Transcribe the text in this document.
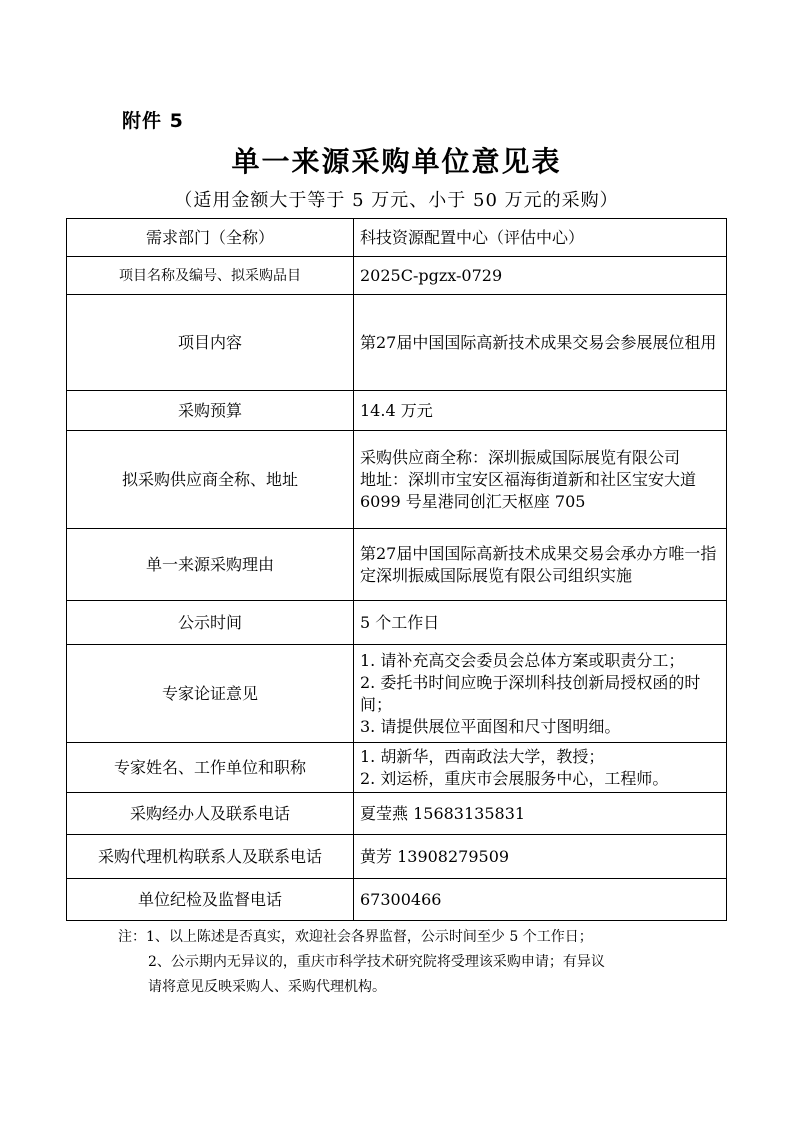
附件 5
单一来源采购单位意见表
（适用金额大于等于 5 万元、小于 50 万元的采购）
需求部门（全称）	科技资源配置中心（评估中心）

项目名称及编号、拟采购品目	2025C-pgzx-0729

项目内容	第27届中国国际高新技术成果交易会参展展位租用

采购预算	14.4 万元

拟采购供应商全称、地址	采购供应商全称：深圳振威国际展览有限公司
地址：深圳市宝安区福海街道新和社区宝安大道 6099 号星港同创汇天枢座 705

单一来源采购理由	第27届中国国际高新技术成果交易会承办方唯一指定深圳振威国际展览有限公司组织实施

公示时间	5 个工作日

专家论证意见	1. 请补充高交会委员会总体方案或职责分工；
2. 委托书时间应晚于深圳科技创新局授权函的时间；
3. 请提供展位平面图和尺寸图明细。

专家姓名、工作单位和职称	1. 胡新华，西南政法大学，教授；
2. 刘运桥，重庆市会展服务中心，工程师。

采购经办人及联系电话	夏莹燕 15683135831

采购代理机构联系人及联系电话	黄芳 13908279509

单位纪检及监督电话	67300466
注：1、以上陈述是否真实，欢迎社会各界监督，公示时间至少 5 个工作日；
2、公示期内无异议的，重庆市科学技术研究院将受理该采购申请；有异议
请将意见反映采购人、采购代理机构。
